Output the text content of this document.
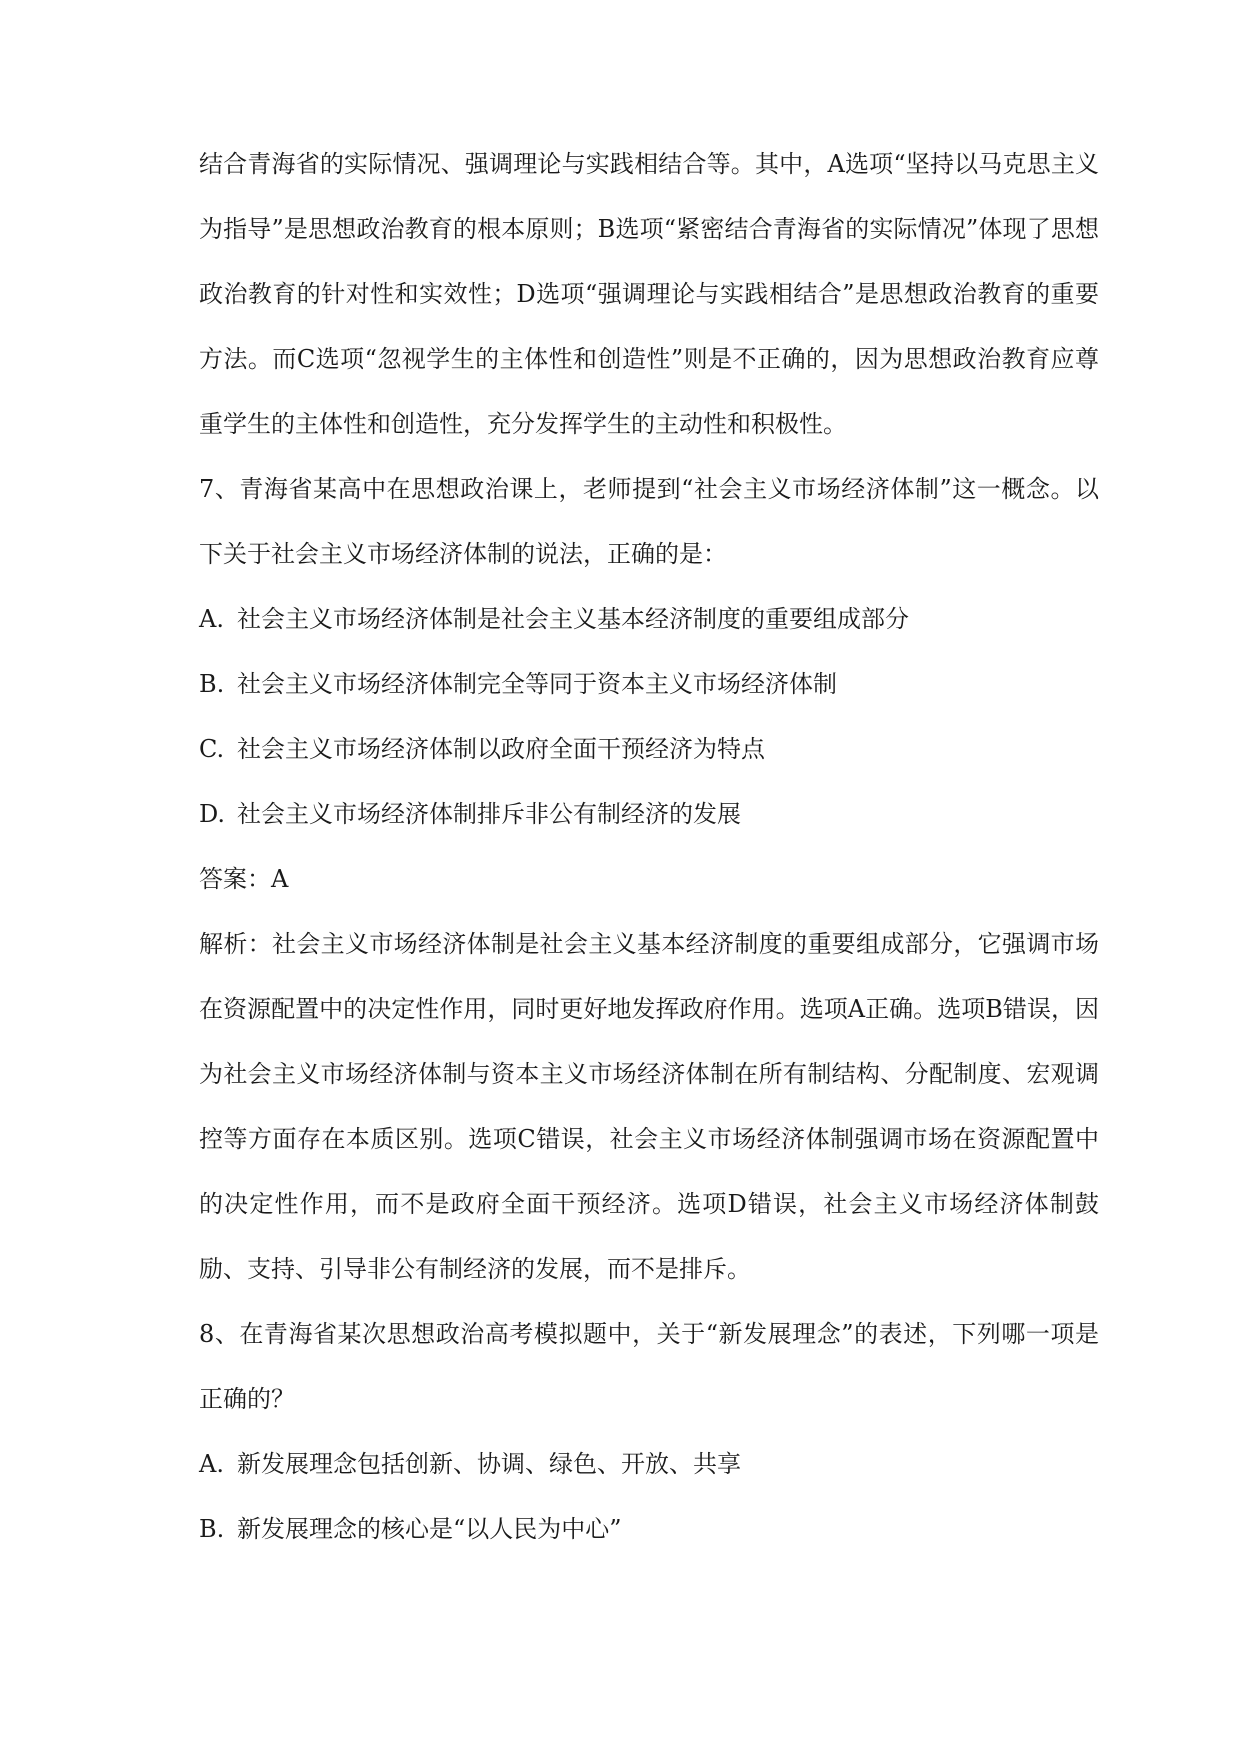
结合青海省的实际情况、强调理论与实践相结合等。其中，A选项“坚持以马克思主义为指导”是思想政治教育的根本原则；B选项“紧密结合青海省的实际情况”体现了思想政治教育的针对性和实效性；D选项“强调理论与实践相结合”是思想政治教育的重要方法。而C选项“忽视学生的主体性和创造性”则是不正确的，因为思想政治教育应尊重学生的主体性和创造性，充分发挥学生的主动性和积极性。

7、青海省某高中在思想政治课上，老师提到“社会主义市场经济体制”这一概念。以下关于社会主义市场经济体制的说法，正确的是：

A. 社会主义市场经济体制是社会主义基本经济制度的重要组成部分
B. 社会主义市场经济体制完全等同于资本主义市场经济体制
C. 社会主义市场经济体制以政府全面干预经济为特点
D. 社会主义市场经济体制排斥非公有制经济的发展

答案：A

解析：社会主义市场经济体制是社会主义基本经济制度的重要组成部分，它强调市场在资源配置中的决定性作用，同时更好地发挥政府作用。选项A正确。选项B错误，因为社会主义市场经济体制与资本主义市场经济体制在所有制结构、分配制度、宏观调控等方面存在本质区别。选项C错误，社会主义市场经济体制强调市场在资源配置中的决定性作用，而不是政府全面干预经济。选项D错误，社会主义市场经济体制鼓励、支持、引导非公有制经济的发展，而不是排斥。

8、在青海省某次思想政治高考模拟题中，关于“新发展理念”的表述，下列哪一项是正确的？

A. 新发展理念包括创新、协调、绿色、开放、共享
B. 新发展理念的核心是“以人民为中心”
